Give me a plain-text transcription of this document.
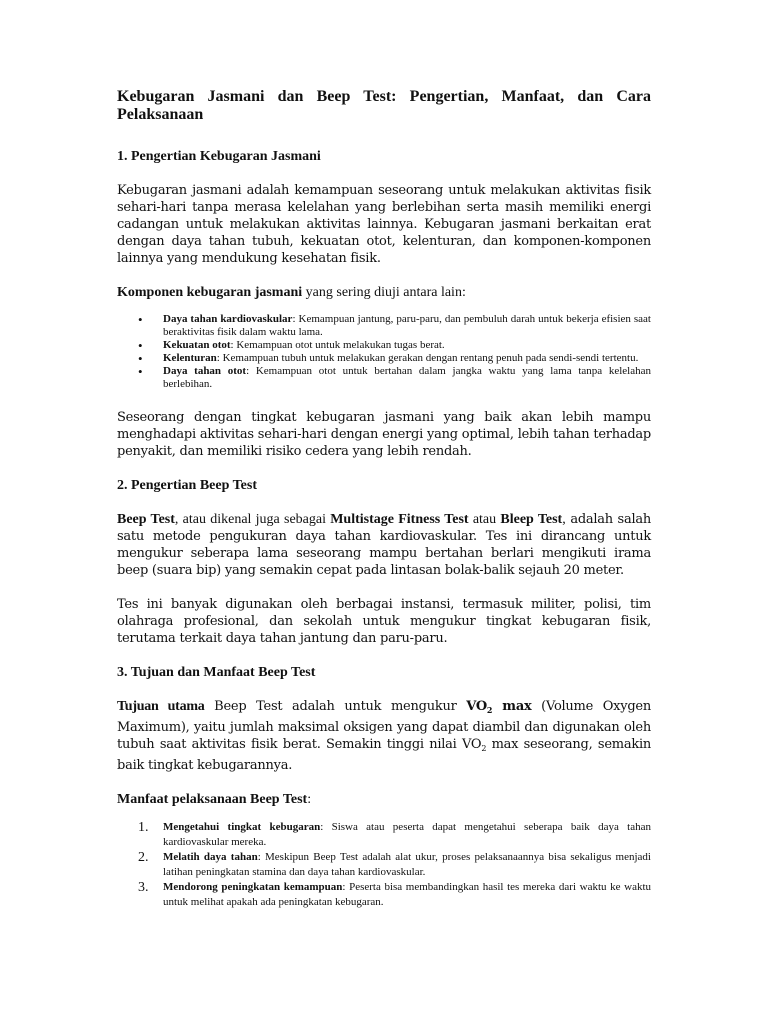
Kebugaran Jasmani dan Beep Test: Pengertian, Manfaat, dan Cara Pelaksanaan
1. Pengertian Kebugaran Jasmani

Kebugaran jasmani adalah kemampuan seseorang untuk melakukan aktivitas fisik sehari-hari tanpa merasa kelelahan yang berlebihan serta masih memiliki energi cadangan untuk melakukan aktivitas lainnya. Kebugaran jasmani berkaitan erat dengan daya tahan tubuh, kekuatan otot, kelenturan, dan komponen-komponen lainnya yang mendukung kesehatan fisik.

Komponen kebugaran jasmani yang sering diuji antara lain:

• Daya tahan kardiovaskular: Kemampuan jantung, paru-paru, dan pembuluh darah untuk bekerja efisien saat beraktivitas fisik dalam waktu lama.
• Kekuatan otot: Kemampuan otot untuk melakukan tugas berat.
• Kelenturan: Kemampuan tubuh untuk melakukan gerakan dengan rentang penuh pada sendi-sendi tertentu.
• Daya tahan otot: Kemampuan otot untuk bertahan dalam jangka waktu yang lama tanpa kelelahan berlebihan.

Seseorang dengan tingkat kebugaran jasmani yang baik akan lebih mampu menghadapi aktivitas sehari-hari dengan energi yang optimal, lebih tahan terhadap penyakit, dan memiliki risiko cedera yang lebih rendah.

2. Pengertian Beep Test

Beep Test, atau dikenal juga sebagai Multistage Fitness Test atau Bleep Test, adalah salah satu metode pengukuran daya tahan kardiovaskular. Tes ini dirancang untuk mengukur seberapa lama seseorang mampu bertahan berlari mengikuti irama beep (suara bip) yang semakin cepat pada lintasan bolak-balik sejauh 20 meter.

Tes ini banyak digunakan oleh berbagai instansi, termasuk militer, polisi, tim olahraga profesional, dan sekolah untuk mengukur tingkat kebugaran fisik, terutama terkait daya tahan jantung dan paru-paru.

3. Tujuan dan Manfaat Beep Test

Tujuan utama Beep Test adalah untuk mengukur $VO_2$ max (Volume Oxygen Maximum), yaitu jumlah maksimal oksigen yang dapat diambil dan digunakan oleh tubuh saat aktivitas fisik berat. Semakin tinggi nilai $VO_2$ max seseorang, semakin baik tingkat kebugarannya.

Manfaat pelaksanaan Beep Test:

1. Mengetahui tingkat kebugaran: Siswa atau peserta dapat mengetahui seberapa baik daya tahan kardiovaskular mereka.
2. Melatih daya tahan: Meskipun Beep Test adalah alat ukur, proses pelaksanaannya bisa sekaligus menjadi latihan peningkatan stamina dan daya tahan kardiovaskular.
3. Mendorong peningkatan kemampuan: Peserta bisa membandingkan hasil tes mereka dari waktu ke waktu untuk melihat apakah ada peningkatan kebugaran.
